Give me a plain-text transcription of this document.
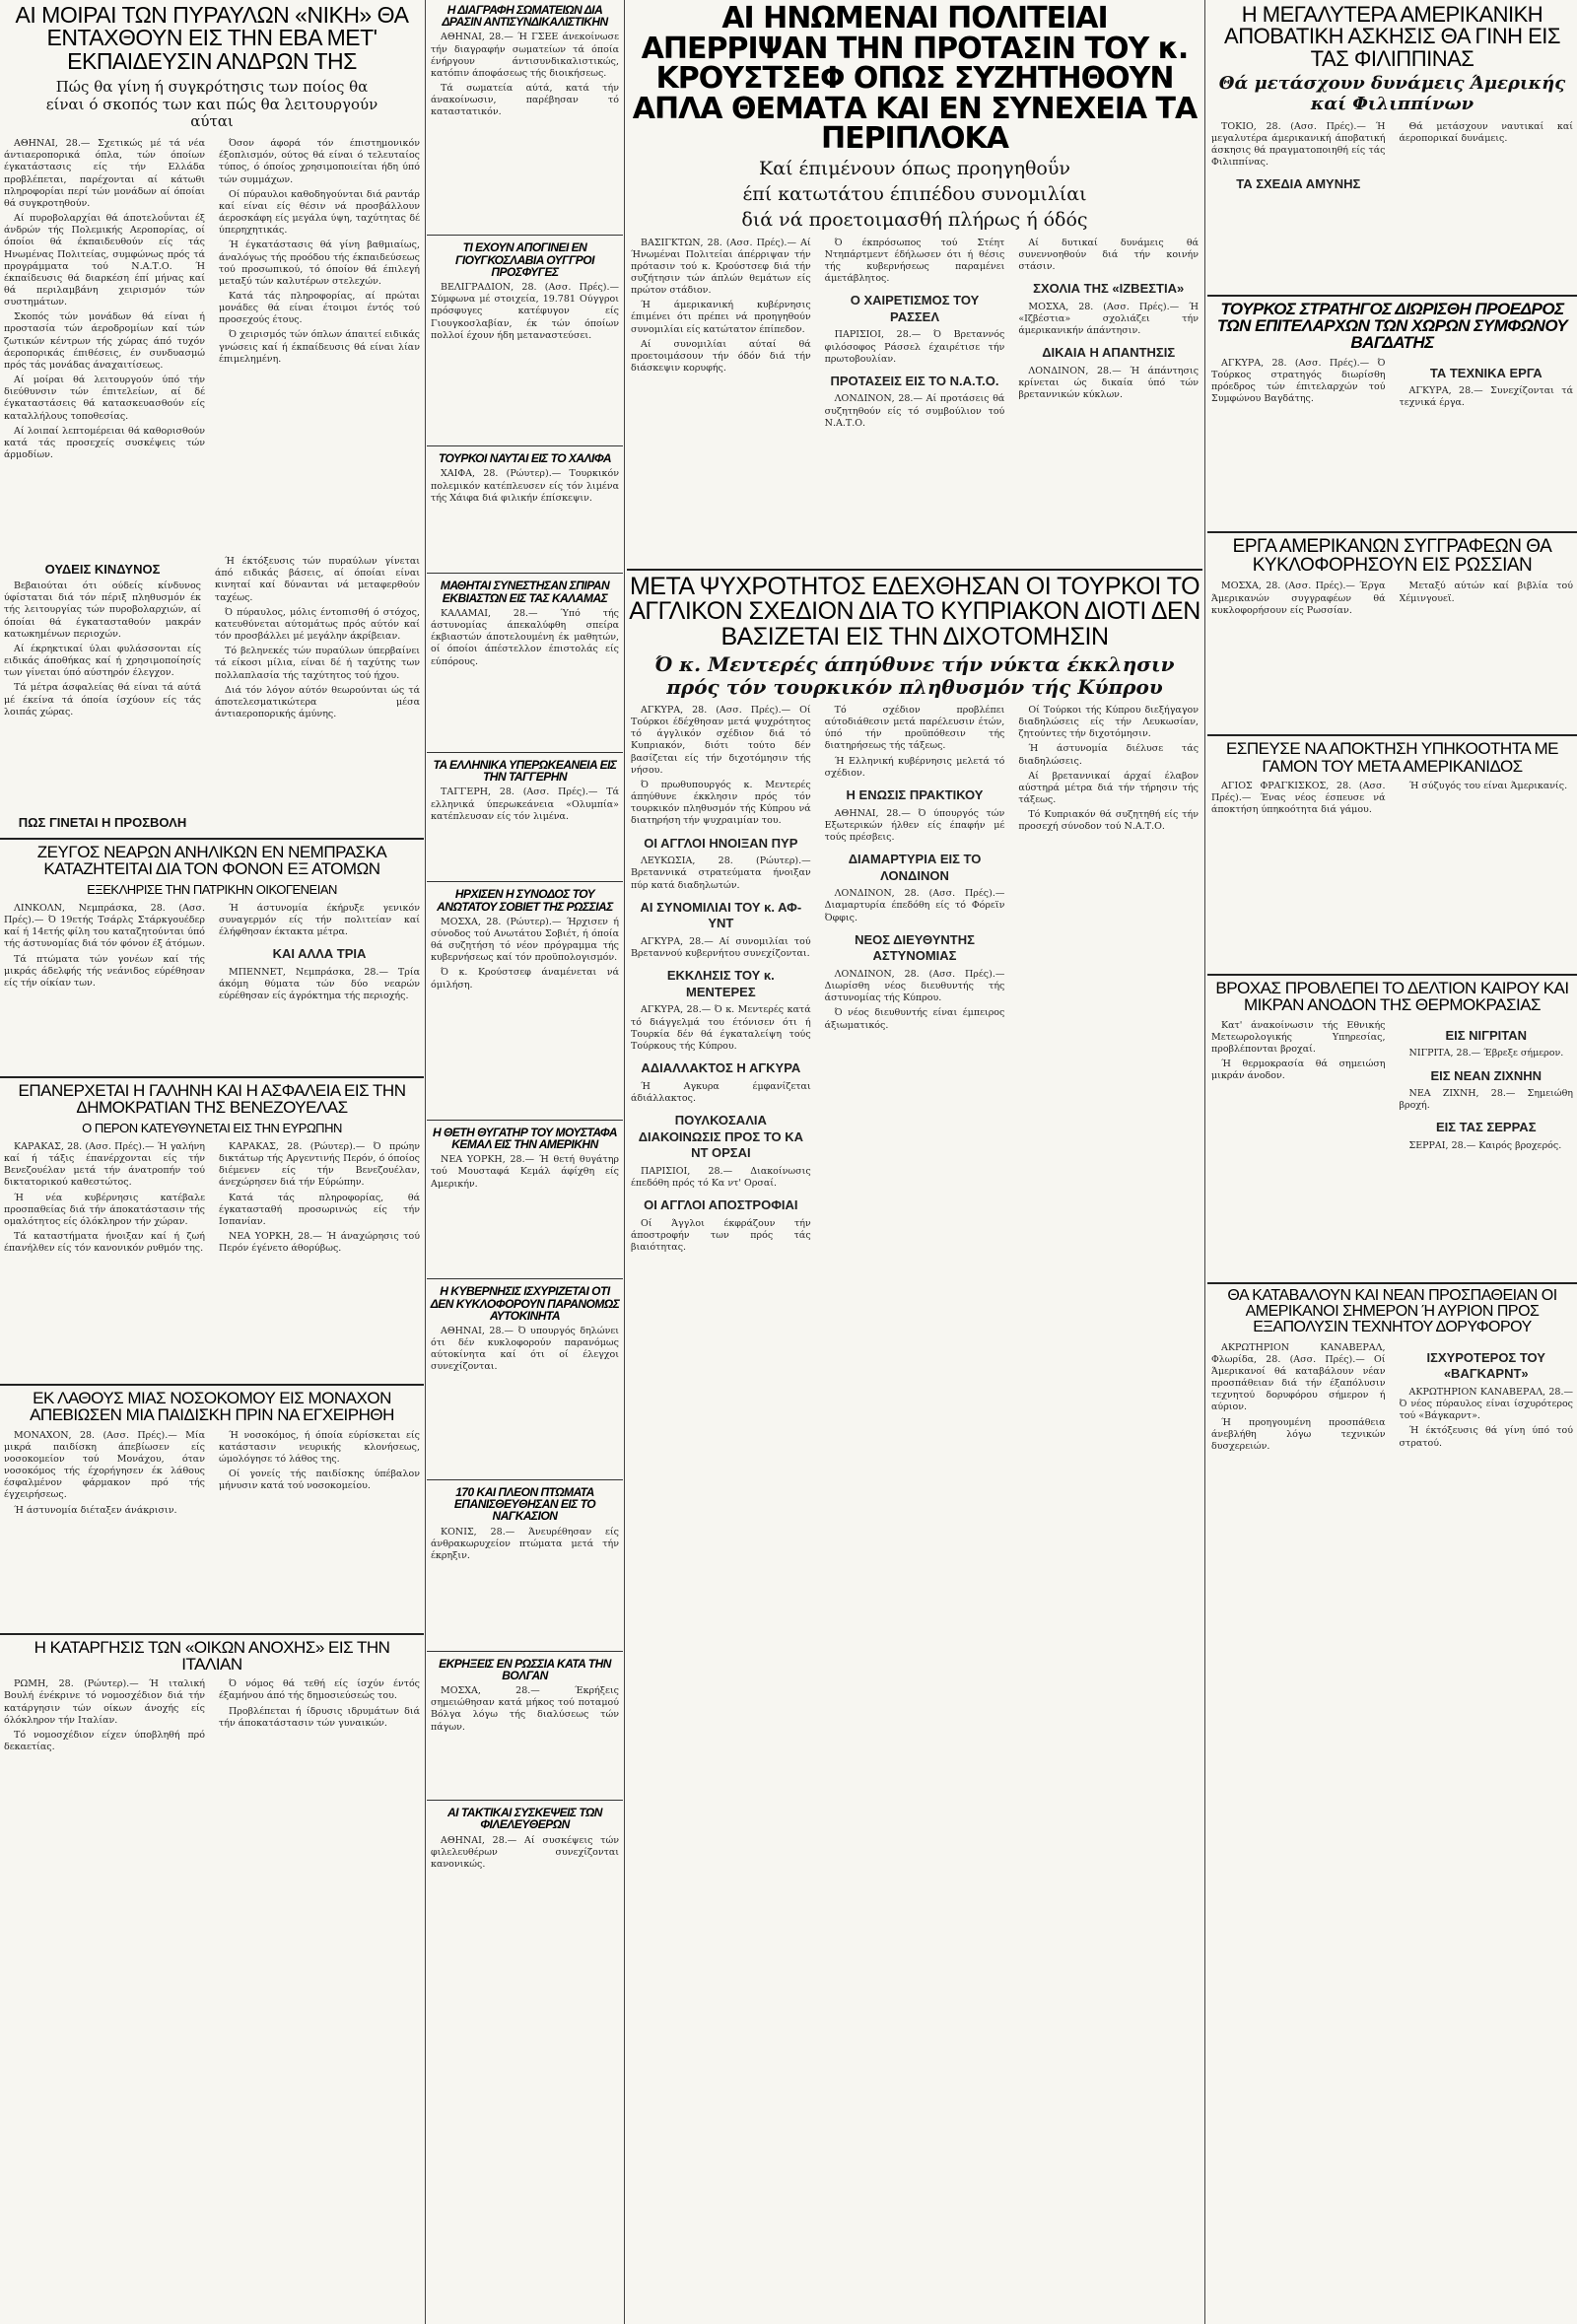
ΑΙ ΜΟΙΡΑΙ ΤΩΝ ΠΥΡΑΥΛΩΝ «ΝΙΚΗ» ΘΑ ΕΝΤΑΧΘΟΥΝ ΕΙΣ ΤΗΝ ΕΒΑ ΜΕΤ' ΕΚΠΑΙΔΕΥΣΙΝ ΑΝΔΡΩΝ ΤΗΣ
Πώς θα γίνη ή συγκρότησις των ποίος θα είναι ό σκοπός των και πώς θα λειτουργούν αύται

ΑΘΗΝΑΙ, 28.— Σχετικώς μέ τά νέα άντιαεροπορικά όπλα, τών όποίων έγκατάστασις είς τήν Ελλάδα προβλέπεται, παρέχονται αί κάτωθι πληροφορίαι περί τών μονάδων αί όποίαι θά συγκροτηθούν.

Αί πυροβολαρχίαι θά άποτελοΰνται έξ άνδρών τής Πολεμικής Αεροπορίας, οί όποίοι θά έκπαιδευθούν είς τάς Ηνωμένας Πολιτείας, συμφώνως πρός τά προγράμματα τού Ν.Α.Τ.Ο. Ή έκπαίδευσις θά διαρκέση έπί μήνας καί θά περιλαμβάνη χειρισμόν τών συστημάτων.

Σκοπός τών μονάδων θά είναι ή προστασία τών άεροδρομίων καί τών ζωτικών κέντρων τής χώρας άπό τυχόν άεροπορικάς έπιθέσεις, έν συνδυασμώ πρός τάς μονάδας άναχαιτίσεως.

Αί μοίραι θά λειτουργούν ύπό τήν διεύθυνσιν τών έπιτελείων, αί δέ έγκαταστάσεις θά κατασκευασθούν είς καταλλήλους τοποθεσίας.

Αί λοιπαί λεπτομέρειαι θά καθορισθούν κατά τάς προσεχείς συσκέψεις τών άρμοδίων.

Όσον άφορά τόν έπιστημονικόν έξοπλισμόν, ούτος θά είναι ό τελευταίος τύπος, ό όποίος χρησιμοποιείται ήδη ύπό τών συμμάχων.

Οί πύραυλοι καθοδηγούνται διά ραντάρ καί είναι είς θέσιν νά προσβάλλουν άεροσκάφη είς μεγάλα ύψη, ταχύτητας δέ ύπερηχητικάς.

Ή έγκατάστασις θά γίνη βαθμιαίως, άναλόγως τής προόδου τής έκπαιδεύσεως τού προσωπικού, τό όποίον θά έπιλεγή μεταξύ τών καλυτέρων στελεχών.

Κατά τάς πληροφορίας, αί πρώται μονάδες θά είναι έτοιμοι έντός τού προσεχούς έτους.

Ό χειρισμός τών όπλων άπαιτεί ειδικάς γνώσεις καί ή έκπαίδευσις θά είναι λίαν έπιμελημένη.

ΟΥΔΕΙΣ ΚΙΝΔΥΝΟΣ

Βεβαιούται ότι ούδείς κίνδυνος ύφίσταται διά τόν πέριξ πληθυσμόν έκ τής λειτουργίας τών πυροβολαρχιών, αί όποίαι θά έγκατασταθούν μακράν κατωκημένων περιοχών.

Αί έκρηκτικαί ύλαι φυλάσσονται είς ειδικάς άποθήκας καί ή χρησιμοποίησίς των γίνεται ύπό αύστηρόν έλεγχον.

Τά μέτρα άσφαλείας θά είναι τά αύτά μέ έκείνα τά όποία ίσχύουν είς τάς λοιπάς χώρας.

ΠΩΣ ΓΙΝΕΤΑΙ Η ΠΡΟΣΒΟΛΗ

Ή έκτόξευσις τών πυραύλων γίνεται άπό ειδικάς βάσεις, αί όποίαι είναι κινηταί καί δύνανται νά μεταφερθούν ταχέως.

Ό πύραυλος, μόλις έντοπισθή ό στόχος, κατευθύνεται αύτομάτως πρός αύτόν καί τόν προσβάλλει μέ μεγάλην άκρίβειαν.

Τό βεληνεκές τών πυραύλων ύπερβαίνει τά είκοσι μίλια, είναι δέ ή ταχύτης των πολλαπλασία τής ταχύτητος τού ήχου.

Διά τόν λόγον αύτόν θεωρούνται ώς τά άποτελεσματικώτερα μέσα άντιαεροπορικής άμύνης.

ΖΕΥΓΟΣ ΝΕΑΡΩΝ ΑΝΗΛΙΚΩΝ ΕΝ ΝΕΜΠΡΑΣΚΑ ΚΑΤΑΖΗΤΕΙΤΑΙ ΔΙΑ ΤΟΝ ΦΟΝΟΝ ΕΞ ΑΤΟΜΩΝ
ΕΞΕΚΛΗΡΙΣΕ ΤΗΝ ΠΑΤΡΙΚΗΝ ΟΙΚΟΓΕΝΕΙΑΝ

ΛΙΝΚΟΛΝ, Νεμπράσκα, 28. (Ασσ. Πρές).— Ό 19ετής Τσάρλς Στάρκγουέδερ καί ή 14ετής φίλη του καταζητούνται ύπό τής άστυνομίας διά τόν φόνον έξ άτόμων.

Τά πτώματα τών γονέων καί τής μικράς άδελφής τής νεάνιδος εύρέθησαν είς τήν οίκίαν των.

Ή άστυνομία έκήρυξε γενικόν συναγερμόν είς τήν πολιτείαν καί έλήφθησαν έκτακτα μέτρα.

ΚΑΙ ΑΛΛΑ ΤΡΙΑ

ΜΠΕΝΝΕΤ, Νεμπράσκα, 28.— Τρία άκόμη θύματα τών δύο νεαρών εύρέθησαν είς άγρόκτημα τής περιοχής.

ΕΠΑΝΕΡΧΕΤΑΙ Η ΓΑΛΗΝΗ ΚΑΙ Η ΑΣΦΑΛΕΙΑ ΕΙΣ ΤΗΝ ΔΗΜΟΚΡΑΤΙΑΝ ΤΗΣ ΒΕΝΕΖΟΥΕΛΑΣ
Ο ΠΕΡΟΝ ΚΑΤΕΥΘΥΝΕΤΑΙ ΕΙΣ ΤΗΝ ΕΥΡΩΠΗΝ

ΚΑΡΑΚΑΣ, 28. (Ασσ. Πρές).— Ή γαλήνη καί ή τάξις έπανέρχονται είς τήν Βενεζουέλαν μετά τήν άνατροπήν τού δικτατορικού καθεστώτος.

Ή νέα κυβέρνησις κατέβαλε προσπαθείας διά τήν άποκατάστασιν τής ομαλότητος είς όλόκληρον τήν χώραν.

Τά καταστήματα ήνοιξαν καί ή ζωή έπανήλθεν είς τόν κανονικόν ρυθμόν της.

ΚΑΡΑΚΑΣ, 28. (Ρώυτερ).— Ό πρώην δικτάτωρ τής Αργεντινής Περόν, ό όποίος διέμενεν είς τήν Βενεζουέλαν, άνεχώρησεν διά τήν Εύρώπην.

Κατά τάς πληροφορίας, θά έγκατασταθή προσωρινώς είς τήν Ισπανίαν.

ΝΕΑ ΥΟΡΚΗ, 28.— Ή άναχώρησις τού Περόν έγένετο άθορύβως.

ΕΚ ΛΑΘΟΥΣ ΜΙΑΣ ΝΟΣΟΚΟΜΟΥ ΕΙΣ ΜΟΝΑΧΟΝ ΑΠΕΒΙΩΣΕΝ ΜΙΑ ΠΑΙΔΙΣΚΗ ΠΡΙΝ ΝΑ ΕΓΧΕΙΡΗΘΗ

ΜΟΝΑΧΟΝ, 28. (Ασσ. Πρές).— Μία μικρά παιδίσκη άπεβίωσεν είς νοσοκομείον τού Μονάχου, όταν νοσοκόμος τής έχορήγησεν έκ λάθους έσφαλμένον φάρμακον πρό τής έγχειρήσεως.

Ή άστυνομία διέταξεν άνάκρισιν.

Ή νοσοκόμος, ή όποία εύρίσκεται είς κατάστασιν νευρικής κλονήσεως, ώμολόγησε τό λάθος της.

Οί γονείς τής παιδίσκης ύπέβαλον μήνυσιν κατά τού νοσοκομείου.

Η ΚΑΤΑΡΓΗΣΙΣ ΤΩΝ «ΟΙΚΩΝ ΑΝΟΧΗΣ» ΕΙΣ ΤΗΝ ΙΤΑΛΙΑΝ

ΡΩΜΗ, 28. (Ρώυτερ).— Ή ιταλική Βουλή ένέκρινε τό νομοσχέδιον διά τήν κατάργησιν τών οίκων άνοχής είς όλόκληρον τήν Ιταλίαν.

Τό νομοσχέδιον είχεν ύποβληθή πρό δεκαετίας.

Ό νόμος θά τεθή είς ίσχύν έντός έξαμήνου άπό τής δημοσιεύσεώς του.

Προβλέπεται ή ίδρυσις ιδρυμάτων διά τήν άποκατάστασιν τών γυναικών.

Η ΔΙΑΓΡΑΦΗ ΣΩΜΑΤΕΙΩΝ ΔΙΑ ΔΡΑΣΙΝ ΑΝΤΙΣΥΝΔΙΚΑΛΙΣΤΙΚΗΝ

ΑΘΗΝΑΙ, 28.— Ή ΓΣΕΕ άνεκοίνωσε τήν διαγραφήν σωματείων τά όποία ένήργουν άντισυνδικαλιστικώς, κατόπιν άποφάσεως τής διοικήσεως.

Τά σωματεία αύτά, κατά τήν άνακοίνωσιν, παρέβησαν τό καταστατικόν.

ΤΙ ΕΧΟΥΝ ΑΠΟΓΙΝΕΙ ΕΝ ΓΙΟΥΓΚΟΣΛΑΒΙΑ ΟΥΓΓΡΟΙ ΠΡΟΣΦΥΓΕΣ

ΒΕΛΙΓΡΑΔΙΟΝ, 28. (Ασσ. Πρές).— Σύμφωνα μέ στοιχεία, 19.781 Ούγγροι πρόσφυγες κατέφυγον είς Γιουγκοσλαβίαν, έκ τών όποίων πολλοί έχουν ήδη μεταναστεύσει.

ΤΟΥΡΚΟΙ ΝΑΥΤΑΙ ΕΙΣ ΤΟ ΧΑΛΙΦΑ

ΧΑΙΦΑ, 28. (Ρώυτερ).— Τουρκικόν πολεμικόν κατέπλευσεν είς τόν λιμένα τής Χάιφα διά φιλικήν έπίσκεψιν.

ΜΑΘΗΤΑΙ ΣΥΝΕΣΤΗΣΑΝ ΣΠΙΡΑΝ ΕΚΒΙΑΣΤΩΝ ΕΙΣ ΤΑΣ ΚΑΛΑΜΑΣ

ΚΑΛΑΜΑΙ, 28.— Ύπό τής άστυνομίας άπεκαλύφθη σπείρα έκβιαστών άποτελουμένη έκ μαθητών, οί όποίοι άπέστελλον έπιστολάς είς εύπόρους.

ΤΑ ΕΛΛΗΝΙΚΑ ΥΠΕΡΩΚΕΑΝΕΙΑ ΕΙΣ ΤΗΝ ΤΑΓΓΕΡΗΝ

ΤΑΓΓΕΡΗ, 28. (Ασσ. Πρές).— Τά ελληνικά ύπερωκεάνεια «Ολυμπία» κατέπλευσαν είς τόν λιμένα.

ΗΡΧΙΣΕΝ Η ΣΥΝΟΔΟΣ ΤΟΥ ΑΝΩΤΑΤΟΥ ΣΟΒΙΕΤ ΤΗΣ ΡΩΣΣΙΑΣ

ΜΟΣΧΑ, 28. (Ρώυτερ).— Ήρχισεν ή σύνοδος τού Ανωτάτου Σοβιέτ, ή όποία θά συζητήση τό νέον πρόγραμμα τής κυβερνήσεως καί τόν προϋπολογισμόν.

Ό κ. Κρούστσεφ άναμένεται νά όμιλήση.

Η ΘΕΤΗ ΘΥΓΑΤΗΡ ΤΟΥ ΜΟΥΣΤΑΦΑ ΚΕΜΑΛ ΕΙΣ ΤΗΝ ΑΜΕΡΙΚΗΝ

ΝΕΑ ΥΟΡΚΗ, 28.— Ή θετή θυγάτηρ τού Μουσταφά Κεμάλ άφίχθη είς Αμερικήν.

Η ΚΥΒΕΡΝΗΣΙΣ ΙΣΧΥΡΙΖΕΤΑΙ ΟΤΙ ΔΕΝ ΚΥΚΛΟΦΟΡΟΥΝ ΠΑΡΑΝΟΜΩΣ ΑΥΤΟΚΙΝΗΤΑ

ΑΘΗΝΑΙ, 28.— Ό υπουργός δηλώνει ότι δέν κυκλοφορούν παρανόμως αύτοκίνητα καί ότι οί έλεγχοι συνεχίζονται.

170 ΚΑΙ ΠΛΕΟΝ ΠΤΩΜΑΤΑ ΕΠΑΝΙΣΘΕΥΘΗΣΑΝ ΕΙΣ ΤΟ ΝΑΓΚΑΣΙΟΝ

ΚΟΝΙΣ, 28.— Άνευρέθησαν είς άνθρακωρυχείον πτώματα μετά τήν έκρηξιν.

ΕΚΡΗΞΕΙΣ ΕΝ ΡΩΣΣΙΑ ΚΑΤΑ ΤΗΝ ΒΟΛΓΑΝ

ΜΟΣΧΑ, 28.— Έκρήξεις σημειώθησαν κατά μήκος τού ποταμού Βόλγα λόγω τής διαλύσεως τών πάγων.

ΑΙ ΤΑΚΤΙΚΑΙ ΣΥΣΚΕΨΕΙΣ ΤΩΝ ΦΙΛΕΛΕΥΘΕΡΩΝ

ΑΘΗΝΑΙ, 28.— Αί συσκέψεις τών φιλελευθέρων συνεχίζονται κανονικώς.

ΑΙ ΗΝΩΜΕΝΑΙ ΠΟΛΙΤΕΙΑΙ ΑΠΕΡΡΙΨΑΝ ΤΗΝ ΠΡΟΤΑΣΙΝ ΤΟΥ κ. ΚΡΟΥΣΤΣΕΦ ΟΠΩΣ ΣΥΖΗΤΗΘΟΥΝ ΑΠΛΑ ΘΕΜΑΤΑ ΚΑΙ ΕΝ ΣΥΝΕΧΕΙΑ ΤΑ ΠΕΡΙΠΛΟΚΑ
Καί έπιμένουν όπως προηγηθοΰν
έπί κατωτάτου έπιπέδου συνομιλίαι
διά νά προετοιμασθή πλήρως ή όδός

ΒΑΣΙΓΚΤΩΝ, 28. (Ασσ. Πρές).— Αί Ήνωμέναι Πολιτείαι άπέρριψαν τήν πρότασιν τού κ. Κρούστσεφ διά τήν συζήτησιν τών άπλών θεμάτων είς πρώτον στάδιον.

Ή άμερικανική κυβέρνησις έπιμένει ότι πρέπει νά προηγηθούν συνομιλίαι είς κατώτατον έπίπεδον.

Αί συνομιλίαι αύταί θά προετοιμάσουν τήν όδόν διά τήν διάσκεψιν κορυφής.

Ό έκπρόσωπος τού Στέητ Ντηπάρτμεντ έδήλωσεν ότι ή θέσις τής κυβερνήσεως παραμένει άμετάβλητος.

Ο ΧΑΙΡΕΤΙΣΜΟΣ ΤΟΥ ΡΑΣΣΕΛ

ΠΑΡΙΣΙΟΙ, 28.— Ό Βρεταννός φιλόσοφος Ράσσελ έχαιρέτισε τήν πρωτοβουλίαν.

ΠΡΟΤΑΣΕΙΣ ΕΙΣ ΤΟ Ν.Α.Τ.Ο.

ΛΟΝΔΙΝΟΝ, 28.— Αί προτάσεις θά συζητηθούν είς τό συμβούλιον τού Ν.Α.Τ.Ο.

Αί δυτικαί δυνάμεις θά συνεννοηθούν διά τήν κοινήν στάσιν.

ΣΧΟΛΙΑ ΤΗΣ «ΙΖΒΕΣΤΙΑ»

ΜΟΣΧΑ, 28. (Ασσ. Πρές).— Ή «Ιζβέστια» σχολιάζει τήν άμερικανικήν άπάντησιν.

ΔΙΚΑΙΑ Η ΑΠΑΝΤΗΣΙΣ

ΛΟΝΔΙΝΟΝ, 28.— Ή άπάντησις κρίνεται ώς δικαία ύπό τών βρεταννικών κύκλων.

ΜΕΤΑ ΨΥΧΡΟΤΗΤΟΣ ΕΔΕΧΘΗΣΑΝ ΟΙ ΤΟΥΡΚΟΙ ΤΟ ΑΓΓΛΙΚΟΝ ΣΧΕΔΙΟΝ ΔΙΑ ΤΟ ΚΥΠΡΙΑΚΟΝ ΔΙΟΤΙ ΔΕΝ ΒΑΣΙΖΕΤΑΙ ΕΙΣ ΤΗΝ ΔΙΧΟΤΟΜΗΣΙΝ
Ό κ. Μεντερές άπηύθυνε τήν νύκτα έκκλησιν πρός τόν τουρκικόν πληθυσμόν τής Κύπρου

ΑΓΚΥΡΑ, 28. (Ασσ. Πρές).— Οί Τούρκοι έδέχθησαν μετά ψυχρότητος τό άγγλικόν σχέδιον διά τό Κυπριακόν, διότι τούτο δέν βασίζεται είς τήν διχοτόμησιν τής νήσου.

Ό πρωθυπουργός κ. Μεντερές άπηύθυνε έκκλησιν πρός τόν τουρκικόν πληθυσμόν τής Κύπρου νά διατηρήση τήν ψυχραιμίαν του.

ΟΙ ΑΓΓΛΟΙ ΗΝΟΙΞΑΝ ΠΥΡ

ΛΕΥΚΩΣΙΑ, 28. (Ρώυτερ).— Βρεταννικά στρατεύματα ήνοιξαν πύρ κατά διαδηλωτών.

ΑΙ ΣΥΝΟΜΙΛΙΑΙ ΤΟΥ κ. ΑΦ-ΥΝΤ

ΑΓΚΥΡΑ, 28.— Αί συνομιλίαι τού Βρεταννού κυβερνήτου συνεχίζονται.

ΕΚΚΛΗΣΙΣ ΤΟΥ κ. ΜΕΝΤΕΡΕΣ

ΑΓΚΥΡΑ, 28.— Ό κ. Μεντερές κατά τό διάγγελμά του έτόνισεν ότι ή Τουρκία δέν θά έγκαταλείψη τούς Τούρκους τής Κύπρου.

ΑΔΙΑΛΛΑΚΤΟΣ Η ΑΓΚΥΡΑ

Ή Αγκυρα έμφανίζεται άδιάλλακτος.

ΠΟΥΛΚΟΣΑΛΙΑ ΔΙΑΚΟΙΝΩΣΙΣ ΠΡΟΣ ΤΟ ΚΑ ΝΤ ΟΡΣΑΙ

ΠΑΡΙΣΙΟΙ, 28.— Διακοίνωσις έπεδόθη πρός τό Κα ντ' Ορσαί.

ΟΙ ΑΓΓΛΟΙ ΑΠΟΣΤΡΟΦΙΑΙ

Οί Άγγλοι έκφράζουν τήν άποστροφήν των πρός τάς βιαιότητας.

Τό σχέδιον προβλέπει αύτοδιάθεσιν μετά παρέλευσιν έτών, ύπό τήν προϋπόθεσιν τής διατηρήσεως τής τάξεως.

Ή Ελληνική κυβέρνησις μελετά τό σχέδιον.

Η ΕΝΩΣΙΣ ΠΡΑΚΤΙΚΟΥ

ΑΘΗΝΑΙ, 28.— Ό ύπουργός τών Εξωτερικών ήλθεν είς έπαφήν μέ τούς πρέσβεις.

ΔΙΑΜΑΡΤΥΡΙΑ ΕΙΣ ΤΟ ΛΟΝΔΙΝΟΝ

ΛΟΝΔΙΝΟΝ, 28. (Ασσ. Πρές).— Διαμαρτυρία έπεδόθη είς τό Φόρεϊν Όφφις.

ΝΕΟΣ ΔΙΕΥΘΥΝΤΗΣ ΑΣΤΥΝΟΜΙΑΣ

ΛΟΝΔΙΝΟΝ, 28. (Ασσ. Πρές).— Διωρίσθη νέος διευθυντής τής άστυνομίας τής Κύπρου.

Ό νέος διευθυντής είναι έμπειρος άξιωματικός.

Οί Τούρκοι τής Κύπρου διεξήγαγον διαδηλώσεις είς τήν Λευκωσίαν, ζητούντες τήν διχοτόμησιν.

Ή άστυνομία διέλυσε τάς διαδηλώσεις.

Αί βρεταννικαί άρχαί έλαβον αύστηρά μέτρα διά τήν τήρησιν τής τάξεως.

Τό Κυπριακόν θά συζητηθή είς τήν προσεχή σύνοδον τού Ν.Α.Τ.Ο.

Η ΜΕΓΑΛΥΤΕΡΑ ΑΜΕΡΙΚΑΝΙΚΗ ΑΠΟΒΑΤΙΚΗ ΑΣΚΗΣΙΣ ΘΑ ΓΙΝΗ ΕΙΣ ΤΑΣ ΦΙΛΙΠΠΙΝΑΣ
Θά μετάσχουν δυνάμεις Άμερικής καί Φιλιππίνων

ΤΟΚΙΟ, 28. (Ασσ. Πρές).— Ή μεγαλυτέρα άμερικανική άποβατική άσκησις θά πραγματοποιηθή είς τάς Φιλιππίνας.

ΤΑ ΣΧΕΔΙΑ ΑΜΥΝΗΣ

Θά μετάσχουν ναυτικαί καί άεροπορικαί δυνάμεις.

ΤΟΥΡΚΟΣ ΣΤΡΑΤΗΓΟΣ ΔΙΩΡΙΣΘΗ ΠΡΟΕΔΡΟΣ ΤΩΝ ΕΠΙΤΕΛΑΡΧΩΝ ΤΩΝ ΧΩΡΩΝ ΣΥΜΦΩΝΟΥ ΒΑΓΔΑΤΗΣ

ΑΓΚΥΡΑ, 28. (Ασσ. Πρές).— Ό Τούρκος στρατηγός διωρίσθη πρόεδρος τών έπιτελαρχών τού Συμφώνου Βαγδάτης.

ΤΑ ΤΕΧΝΙΚΑ ΕΡΓΑ

ΑΓΚΥΡΑ, 28.— Συνεχίζονται τά τεχνικά έργα.

ΕΡΓΑ ΑΜΕΡΙΚΑΝΩΝ ΣΥΓΓΡΑΦΕΩΝ ΘΑ ΚΥΚΛΟΦΟΡΗΣΟΥΝ ΕΙΣ ΡΩΣΣΙΑΝ

ΜΟΣΧΑ, 28. (Ασσ. Πρές).— Έργα Άμερικανών συγγραφέων θά κυκλοφορήσουν είς Ρωσσίαν.

Μεταξύ αύτών καί βιβλία τού Χέμινγουεϊ.

ΕΣΠΕΥΣΕ ΝΑ ΑΠΟΚΤΗΣΗ ΥΠΗΚΟΟΤΗΤΑ ΜΕ ΓΑΜΟΝ ΤΟΥ ΜΕΤΑ ΑΜΕΡΙΚΑΝΙΔΟΣ

ΑΓΙΟΣ ΦΡΑΓΚΙΣΚΟΣ, 28. (Ασσ. Πρές).— Ένας νέος έσπευσε νά άποκτήση ύπηκοότητα διά γάμου.

Ή σύζυγός του είναι Άμερικανίς.

ΒΡΟΧΑΣ ΠΡΟΒΛΕΠΕΙ ΤΟ ΔΕΛΤΙΟΝ ΚΑΙΡΟΥ ΚΑΙ ΜΙΚΡΑΝ ΑΝΟΔΟΝ ΤΗΣ ΘΕΡΜΟΚΡΑΣΙΑΣ

Κατ' άνακοίνωσιν τής Εθνικής Μετεωρολογικής Υπηρεσίας, προβλέπονται βροχαί.

Ή θερμοκρασία θά σημειώση μικράν άνοδον.

ΕΙΣ ΝΙΓΡΙΤΑΝ

ΝΙΓΡΙΤΑ, 28.— Έβρεξε σήμερον.

ΕΙΣ ΝΕΑΝ ΖΙΧΝΗΝ

ΝΕΑ ΖΙΧΝΗ, 28.— Σημειώθη βροχή.

ΕΙΣ ΤΑΣ ΣΕΡΡΑΣ

ΣΕΡΡΑΙ, 28.— Καιρός βροχερός.

ΘΑ ΚΑΤΑΒΑΛΟΥΝ ΚΑΙ ΝΕΑΝ ΠΡΟΣΠΑΘΕΙΑΝ ΟΙ ΑΜΕΡΙΚΑΝΟΙ ΣΗΜΕΡΟΝ Ή ΑΥΡΙΟΝ ΠΡΟΣ ΕΞΑΠΟΛΥΣΙΝ ΤΕΧΝΗΤΟΥ ΔΟΡΥΦΟΡΟΥ

ΑΚΡΩΤΗΡΙΟΝ ΚΑΝΑΒΕΡΑΛ, Φλωρίδα, 28. (Ασσ. Πρές).— Οί Άμερικανοί θά καταβάλουν νέαν προσπάθειαν διά τήν έξαπόλυσιν τεχνητού δορυφόρου σήμερον ή αύριον.

Ή προηγουμένη προσπάθεια άνεβλήθη λόγω τεχνικών δυσχερειών.

ΙΣΧΥΡΟΤΕΡΟΣ ΤΟΥ «ΒΑΓΚΑΡΝΤ»

ΑΚΡΩΤΗΡΙΟΝ ΚΑΝΑΒΕΡΑΛ, 28.— Ό νέος πύραυλος είναι ίσχυρότερος τού «Βάγκαρντ».

Ή έκτόξευσις θά γίνη ύπό τού στρατού.
